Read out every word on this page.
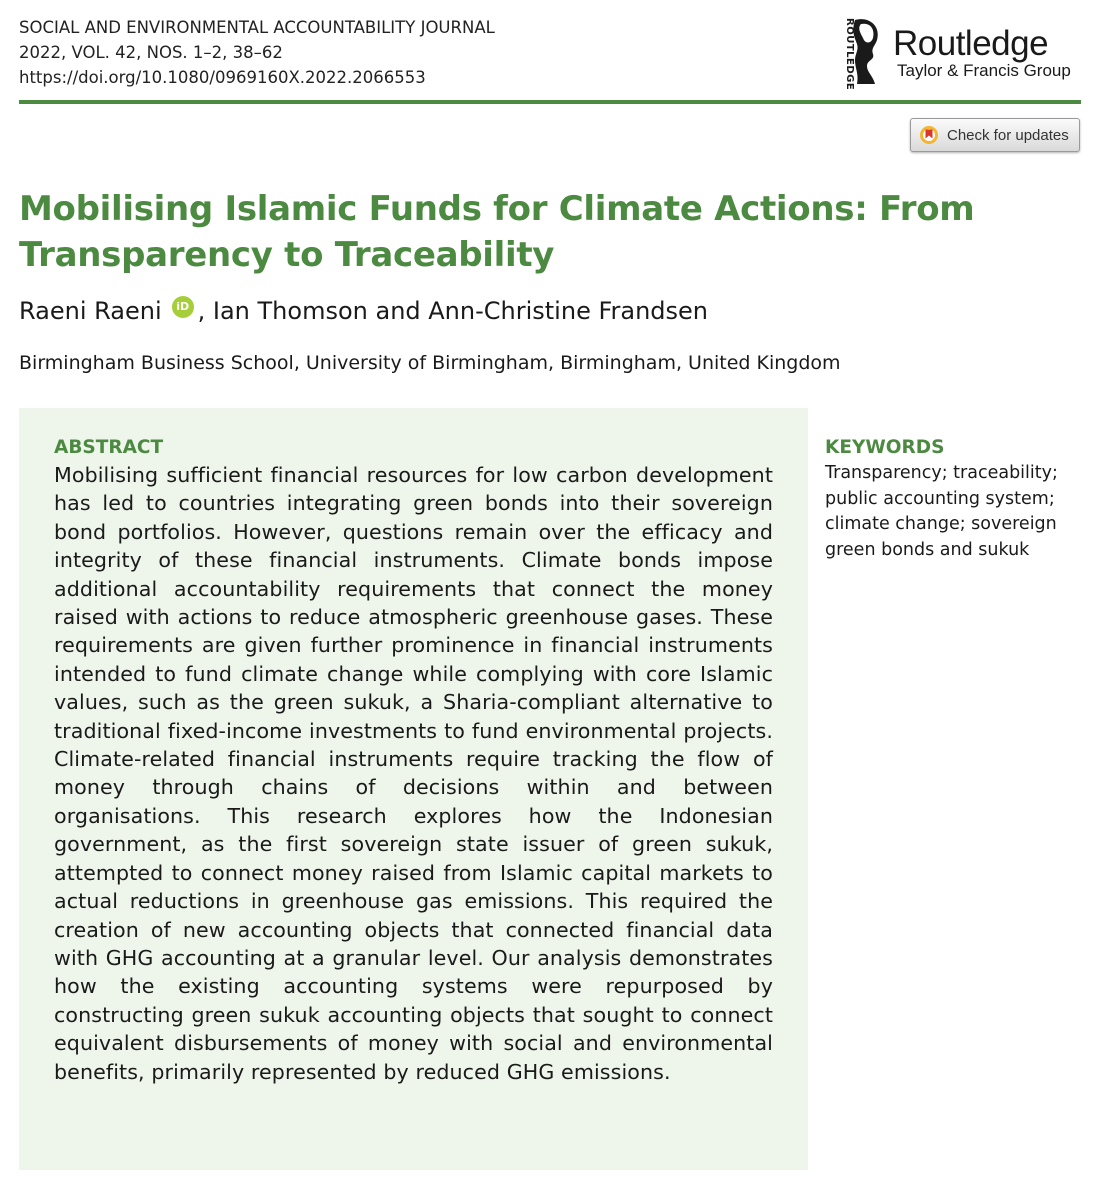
SOCIAL AND ENVIRONMENTAL ACCOUNTABILITY JOURNAL
2022, VOL. 42, NOS. 1–2, 38–62
https://doi.org/10.1080/0969160X.2022.2066553	ROUTLEDGE Routledge
Taylor & Francis Group
Check for updates
Mobilising Islamic Funds for Climate Actions: From Transparency to Traceability
Raeni Raeni	iD , Ian Thomson and Ann-Christine Frandsen
Birmingham Business School, University of Birmingham, Birmingham, United Kingdom
ABSTRACT
Mobilising sufficient financial resources for low carbon development has led to countries integrating green bonds into their sovereign bond portfolios. However, questions remain over the efficacy and integrity of these financial instruments. Climate bonds impose additional accountability requirements that connect the money raised with actions to reduce atmospheric greenhouse gases. These requirements are given further prominence in financial instruments intended to fund climate change while complying with core Islamic values, such as the green sukuk, a Sharia-compliant alternative to traditional fixed-income investments to fund environmental projects. Climate-related financial instruments require tracking the flow of money through chains of decisions within and between organisations. This research explores how the Indonesian government, as the first sovereign state issuer of green sukuk, attempted to connect money raised from Islamic capital markets to actual reductions in greenhouse gas emissions. This required the creation of new accounting objects that connected financial data with GHG accounting at a granular level. Our analysis demonstrates how the existing accounting systems were repurposed by constructing green sukuk accounting objects that sought to connect equivalent disbursements of money with social and environmental benefits, primarily represented by reduced GHG emissions.
KEYWORDS
Transparency; traceability; public accounting system; climate change; sovereign green bonds and sukuk
